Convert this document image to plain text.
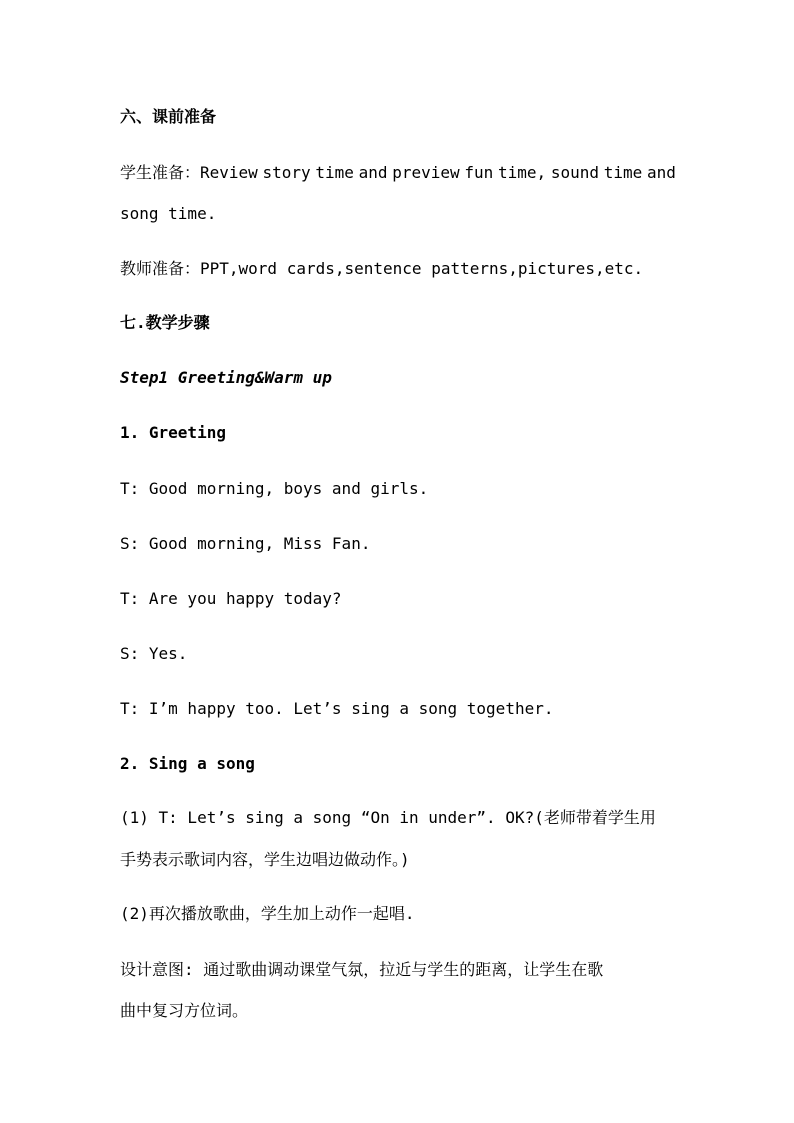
六、课前准备
学生准备：Review story time and preview fun time, sound time and
song time.
教师准备：PPT,word cards,sentence patterns,pictures,etc.
七.教学步骤
Step1 Greeting&Warm up
1. Greeting
T: Good morning, boys and girls.
S: Good morning, Miss Fan.
T: Are you happy today?
S: Yes.
T: I’m happy too. Let’s sing a song together.
2. Sing a song
(1) T: Let’s sing a song “On in under”. OK?(老师带着学生用
手势表示歌词内容，学生边唱边做动作。)
(2)再次播放歌曲，学生加上动作一起唱.
设计意图: 通过歌曲调动课堂气氛，拉近与学生的距离，让学生在歌
曲中复习方位词。
